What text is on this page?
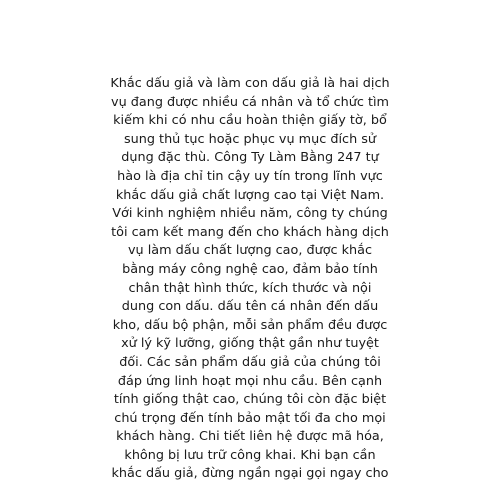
Khắc dấu giả và làm con dấu giả là hai dịch
vụ đang được nhiều cá nhân và tổ chức tìm
kiếm khi có nhu cầu hoàn thiện giấy tờ, bổ
sung thủ tục hoặc phục vụ mục đích sử
dụng đặc thù. Công Ty Làm Bằng 247 tự
hào là địa chỉ tin cậy uy tín trong lĩnh vực
khắc dấu giả chất lượng cao tại Việt Nam.
Với kinh nghiệm nhiều năm, công ty chúng
tôi cam kết mang đến cho khách hàng dịch
vụ làm dấu chất lượng cao, được khắc
bằng máy công nghệ cao, đảm bảo tính
chân thật hình thức, kích thước và nội
dung con dấu. dấu tên cá nhân đến dấu
kho, dấu bộ phận, mỗi sản phẩm đều được
xử lý kỹ lưỡng, giống thật gần như tuyệt
đối. Các sản phẩm dấu giả của chúng tôi
đáp ứng linh hoạt mọi nhu cầu. Bên cạnh
tính giống thật cao, chúng tôi còn đặc biệt
chú trọng đến tính bảo mật tối đa cho mọi
khách hàng. Chi tiết liên hệ được mã hóa,
không bị lưu trữ công khai. Khi bạn cần
khắc dấu giả, đừng ngần ngại gọi ngay cho
